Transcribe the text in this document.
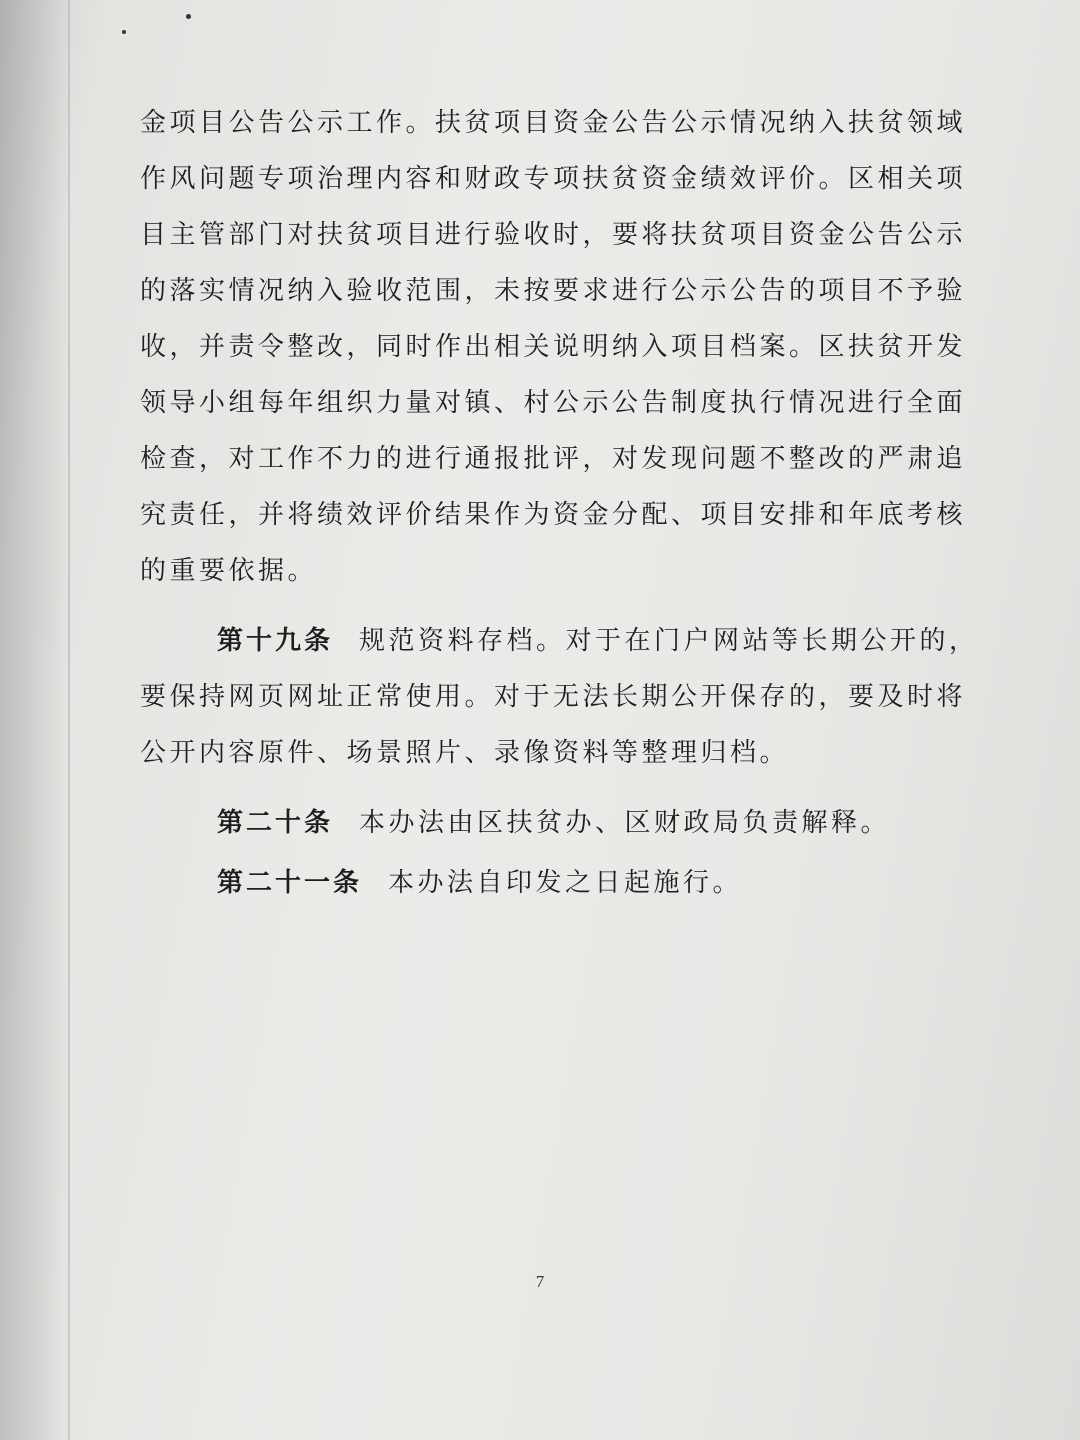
金项目公告公示工作。扶贫项目资金公告公示情况纳入扶贫领域
作风问题专项治理内容和财政专项扶贫资金绩效评价。区相关项
目主管部门对扶贫项目进行验收时，要将扶贫项目资金公告公示
的落实情况纳入验收范围，未按要求进行公示公告的项目不予验
收，并责令整改，同时作出相关说明纳入项目档案。区扶贫开发
领导小组每年组织力量对镇、村公示公告制度执行情况进行全面
检查，对工作不力的进行通报批评，对发现问题不整改的严肃追
究责任，并将绩效评价结果作为资金分配、项目安排和年底考核
的重要依据。
第十九条 规范资料存档。对于在门户网站等长期公开的，
要保持网页网址正常使用。对于无法长期公开保存的，要及时将
公开内容原件、场景照片、录像资料等整理归档。
第二十条 本办法由区扶贫办、区财政局负责解释。
第二十一条 本办法自印发之日起施行。
7
